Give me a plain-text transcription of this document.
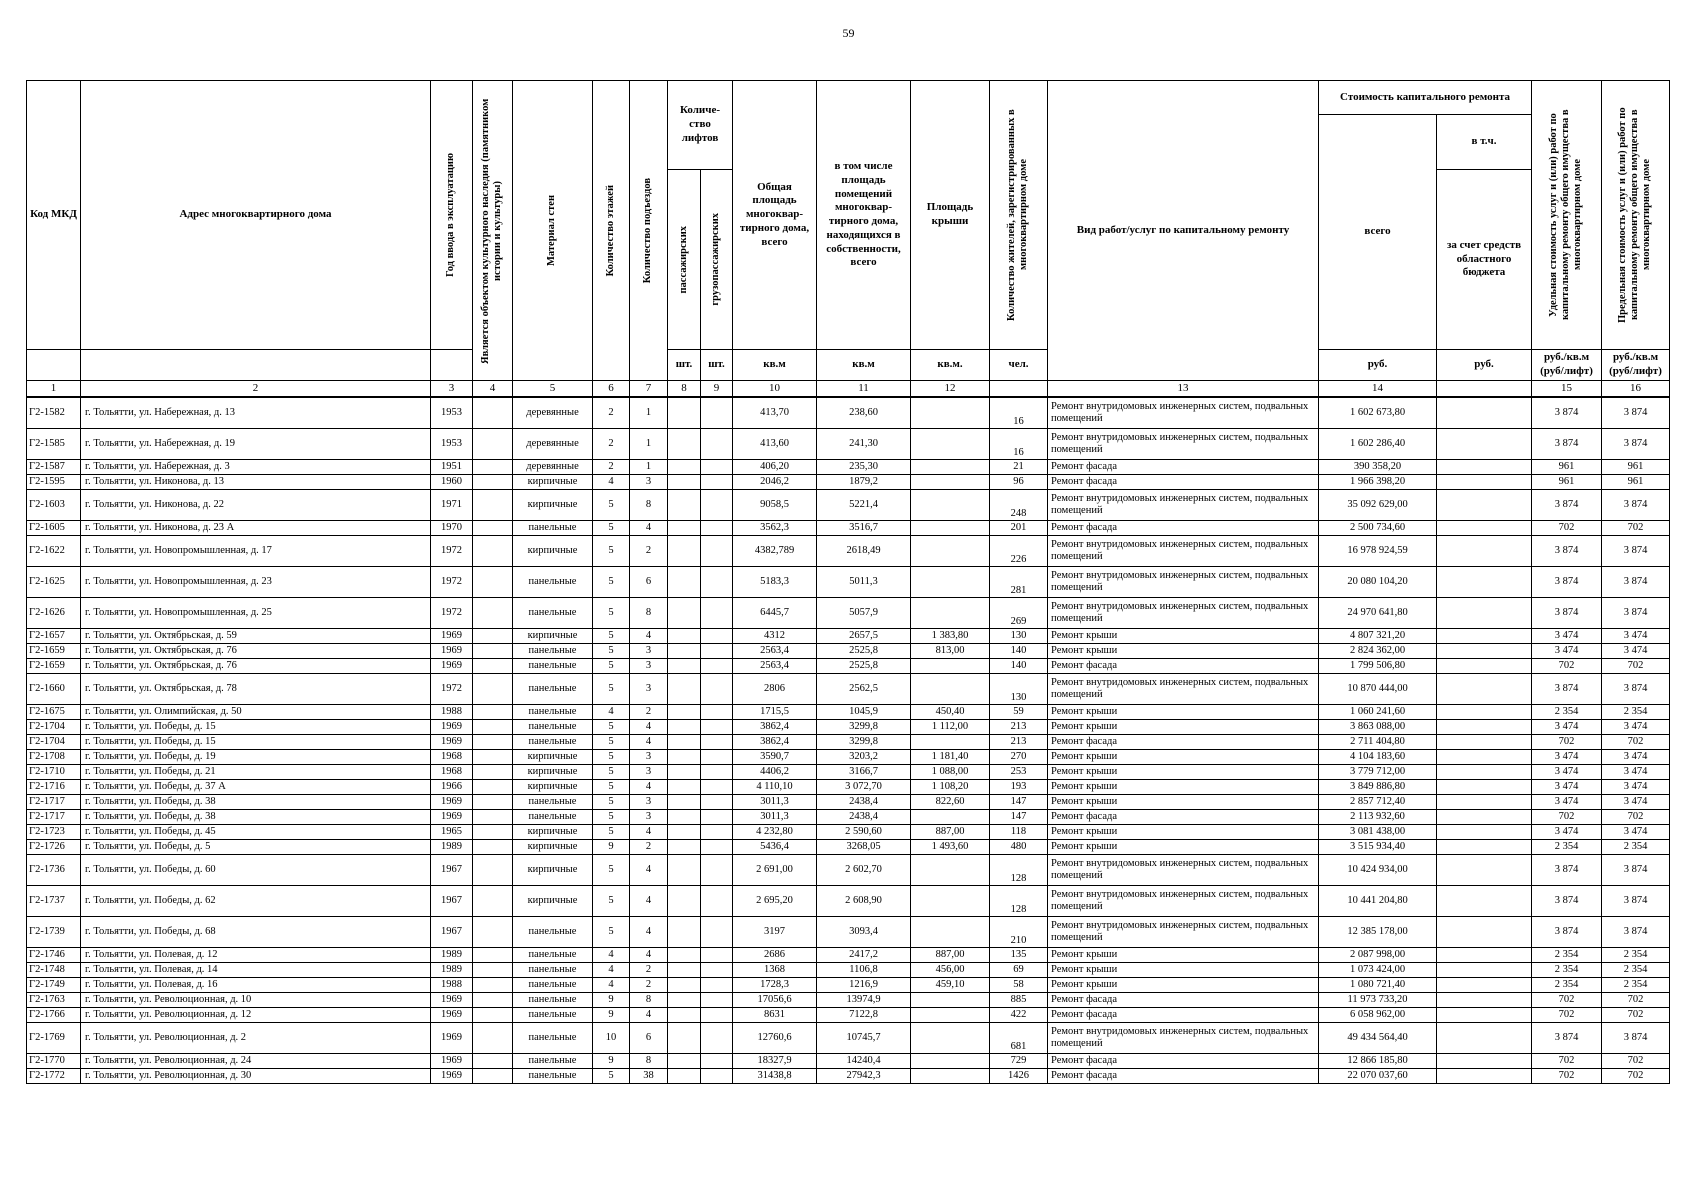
59
Код МКД	Адрес многоквартирного дома	Год ввода в эксплуатацию	Является объектом культурного наследия (памятником истории и культуры)	Материал стен	Количество этажей	Количество подъездов	Количе- ство лифтов		Общая площадь многоквар- тирного дома, всего	в том числе площадь помещений многоквар- тирного дома, находящихся в собственности, всего	Площадь крыши	Количество жителей, зарегистрированных в многоквартирном доме	Вид работ/услуг по капитальному ремонту	Стоимость капитального ремонта		Удельная стоимость услуг и (или) работ по капитальному ремонту общего имущества в многоквартирном доме	Предельная стоимость услуг и (или) работ по капитальному ремонту общего имущества в многоквартирном доме

														всего	в т.ч.		

							пассажирских	грузопассажирских							за счет средств областного бюджета		
							шт.	шт.	кв.м	кв.м	кв.м.	чел.		руб.	руб.	руб./кв.м (руб/лифт)	руб./кв.м (руб/лифт)
1	2	3	4	5	6	7	8	9	10	11	12		13	14		15	16
Г2-1582	г. Тольятти, ул. Набережная, д. 13	1953		деревянные	2	1			413,70	238,60		16	Ремонт внутридомовых инженерных систем, подвальных помещений	1 602 673,80		3 874	3 874
Г2-1585	г. Тольятти, ул. Набережная, д. 19	1953		деревянные	2	1			413,60	241,30		16	Ремонт внутридомовых инженерных систем, подвальных помещений	1 602 286,40		3 874	3 874
Г2-1587	г. Тольятти, ул. Набережная, д. 3	1951		деревянные	2	1			406,20	235,30		21	Ремонт фасада	390 358,20		961	961
Г2-1595	г. Тольятти, ул. Никонова, д. 13	1960		кирпичные	4	3			2046,2	1879,2		96	Ремонт фасада	1 966 398,20		961	961
Г2-1603	г. Тольятти, ул. Никонова, д. 22	1971		кирпичные	5	8			9058,5	5221,4		248	Ремонт внутридомовых инженерных систем, подвальных помещений	35 092 629,00		3 874	3 874
Г2-1605	г. Тольятти, ул. Никонова, д. 23 А	1970		панельные	5	4			3562,3	3516,7		201	Ремонт фасада	2 500 734,60		702	702
Г2-1622	г. Тольятти, ул. Новопромышленная, д. 17	1972		кирпичные	5	2			4382,789	2618,49		226	Ремонт внутридомовых инженерных систем, подвальных помещений	16 978 924,59		3 874	3 874
Г2-1625	г. Тольятти, ул. Новопромышленная, д. 23	1972		панельные	5	6			5183,3	5011,3		281	Ремонт внутридомовых инженерных систем, подвальных помещений	20 080 104,20		3 874	3 874
Г2-1626	г. Тольятти, ул. Новопромышленная, д. 25	1972		панельные	5	8			6445,7	5057,9		269	Ремонт внутридомовых инженерных систем, подвальных помещений	24 970 641,80		3 874	3 874
Г2-1657	г. Тольятти, ул. Октябрьская, д. 59	1969		кирпичные	5	4			4312	2657,5	1 383,80	130	Ремонт крыши	4 807 321,20		3 474	3 474
Г2-1659	г. Тольятти, ул. Октябрьская, д. 76	1969		панельные	5	3			2563,4	2525,8	813,00	140	Ремонт крыши	2 824 362,00		3 474	3 474
Г2-1659	г. Тольятти, ул. Октябрьская, д. 76	1969		панельные	5	3			2563,4	2525,8		140	Ремонт фасада	1 799 506,80		702	702
Г2-1660	г. Тольятти, ул. Октябрьская, д. 78	1972		панельные	5	3			2806	2562,5		130	Ремонт внутридомовых инженерных систем, подвальных помещений	10 870 444,00		3 874	3 874
Г2-1675	г. Тольятти, ул. Олимпийская, д. 50	1988		панельные	4	2			1715,5	1045,9	450,40	59	Ремонт крыши	1 060 241,60		2 354	2 354
Г2-1704	г. Тольятти, ул. Победы, д. 15	1969		панельные	5	4			3862,4	3299,8	1 112,00	213	Ремонт крыши	3 863 088,00		3 474	3 474
Г2-1704	г. Тольятти, ул. Победы, д. 15	1969		панельные	5	4			3862,4	3299,8		213	Ремонт фасада	2 711 404,80		702	702
Г2-1708	г. Тольятти, ул. Победы, д. 19	1968		кирпичные	5	3			3590,7	3203,2	1 181,40	270	Ремонт крыши	4 104 183,60		3 474	3 474
Г2-1710	г. Тольятти, ул. Победы, д. 21	1968		кирпичные	5	3			4406,2	3166,7	1 088,00	253	Ремонт крыши	3 779 712,00		3 474	3 474
Г2-1716	г. Тольятти, ул. Победы, д. 37 А	1966		кирпичные	5	4			4 110,10	3 072,70	1 108,20	193	Ремонт крыши	3 849 886,80		3 474	3 474
Г2-1717	г. Тольятти, ул. Победы, д. 38	1969		панельные	5	3			3011,3	2438,4	822,60	147	Ремонт крыши	2 857 712,40		3 474	3 474
Г2-1717	г. Тольятти, ул. Победы, д. 38	1969		панельные	5	3			3011,3	2438,4		147	Ремонт фасада	2 113 932,60		702	702
Г2-1723	г. Тольятти, ул. Победы, д. 45	1965		кирпичные	5	4			4 232,80	2 590,60	887,00	118	Ремонт крыши	3 081 438,00		3 474	3 474
Г2-1726	г. Тольятти, ул. Победы, д. 5	1989		кирпичные	9	2			5436,4	3268,05	1 493,60	480	Ремонт крыши	3 515 934,40		2 354	2 354
Г2-1736	г. Тольятти, ул. Победы, д. 60	1967		кирпичные	5	4			2 691,00	2 602,70		128	Ремонт внутридомовых инженерных систем, подвальных помещений	10 424 934,00		3 874	3 874
Г2-1737	г. Тольятти, ул. Победы, д. 62	1967		кирпичные	5	4			2 695,20	2 608,90		128	Ремонт внутридомовых инженерных систем, подвальных помещений	10 441 204,80		3 874	3 874
Г2-1739	г. Тольятти, ул. Победы, д. 68	1967		панельные	5	4			3197	3093,4		210	Ремонт внутридомовых инженерных систем, подвальных помещений	12 385 178,00		3 874	3 874
Г2-1746	г. Тольятти, ул. Полевая, д. 12	1989		панельные	4	4			2686	2417,2	887,00	135	Ремонт крыши	2 087 998,00		2 354	2 354
Г2-1748	г. Тольятти, ул. Полевая, д. 14	1989		панельные	4	2			1368	1106,8	456,00	69	Ремонт крыши	1 073 424,00		2 354	2 354
Г2-1749	г. Тольятти, ул. Полевая, д. 16	1988		панельные	4	2			1728,3	1216,9	459,10	58	Ремонт крыши	1 080 721,40		2 354	2 354
Г2-1763	г. Тольятти, ул. Революционная, д. 10	1969		панельные	9	8			17056,6	13974,9		885	Ремонт фасада	11 973 733,20		702	702
Г2-1766	г. Тольятти, ул. Революционная, д. 12	1969		панельные	9	4			8631	7122,8		422	Ремонт фасада	6 058 962,00		702	702
Г2-1769	г. Тольятти, ул. Революционная, д. 2	1969		панельные	10	6			12760,6	10745,7		681	Ремонт внутридомовых инженерных систем, подвальных помещений	49 434 564,40		3 874	3 874
Г2-1770	г. Тольятти, ул. Революционная, д. 24	1969		панельные	9	8			18327,9	14240,4		729	Ремонт фасада	12 866 185,80		702	702
Г2-1772	г. Тольятти, ул. Революционная, д. 30	1969		панельные	5	38			31438,8	27942,3		1426	Ремонт фасада	22 070 037,60		702	702
